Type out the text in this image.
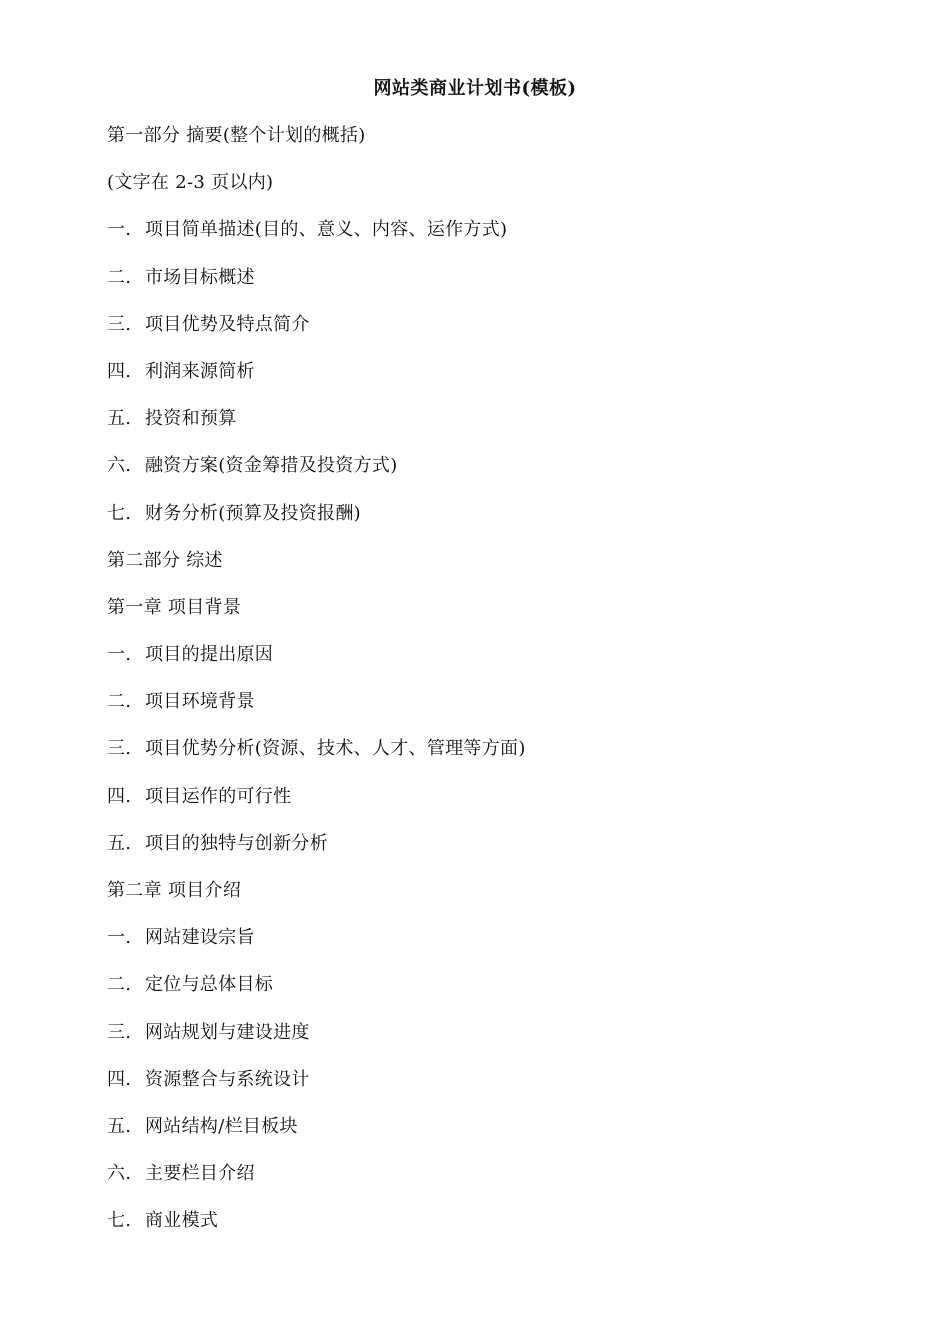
网站类商业计划书(模板)
第一部分 摘要(整个计划的概括)
(文字在 2-3 页以内)
一. 项目简单描述(目的、意义、内容、运作方式)
二. 市场目标概述
三. 项目优势及特点简介
四. 利润来源简析
五. 投资和预算
六. 融资方案(资金筹措及投资方式)
七. 财务分析(预算及投资报酬)
第二部分 综述
第一章 项目背景
一. 项目的提出原因
二. 项目环境背景
三. 项目优势分析(资源、技术、人才、管理等方面)
四. 项目运作的可行性
五. 项目的独特与创新分析
第二章 项目介绍
一. 网站建设宗旨
二. 定位与总体目标
三. 网站规划与建设进度
四. 资源整合与系统设计
五. 网站结构/栏目板块
六. 主要栏目介绍
七. 商业模式
